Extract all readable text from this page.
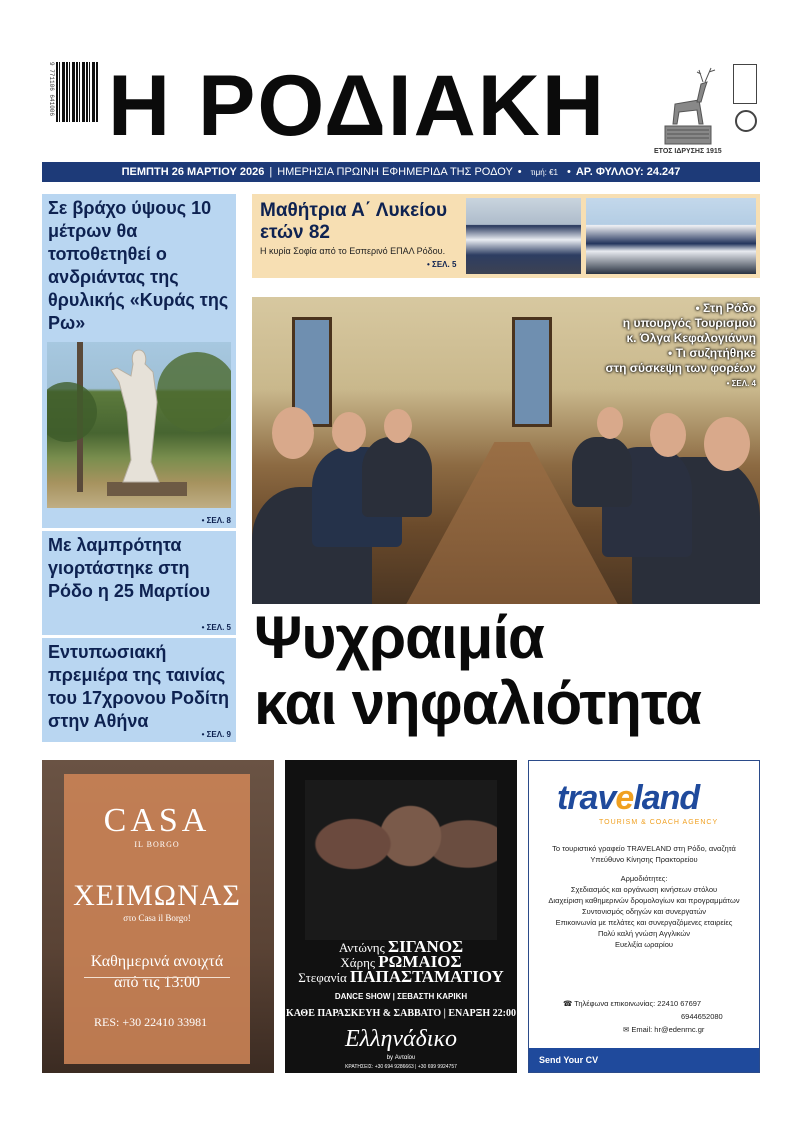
9 771106 641006 Η ΡΟΔΙΑΚΗ	ΕΤΟΣ ΙΔΡΥΣΗΣ 1915
ΠΕΜΠΤΗ 26 ΜΑΡΤΙΟΥ 2026 | ΗΜΕΡΗΣΙΑ ΠΡΩΙΝΗ ΕΦΗΜΕΡΙΔΑ ΤΗΣ ΡΟΔΟΥ • τιμή: €1 • ΑΡ. ΦΥΛΛΟΥ: 24.247
Σε βράχο ύψους 10 μέτρων θα τοποθετηθεί ο ανδριάντας της θρυλικής «Κυράς της Ρω»
• ΣΕΛ. 8
Με λαμπρότητα γιορτάστηκε στη Ρόδο η 25 Μαρτίου
• ΣΕΛ. 5
Εντυπωσιακή πρεμιέρα της ταινίας του 17χρονου Ροδίτη στην Αθήνα
• ΣΕΛ. 9
Μαθήτρια Α΄ Λυκείου
ετών 82
Η κυρία Σοφία από το Εσπερινό ΕΠΑΛ Ρόδου.
• ΣΕΛ. 5
• Στη Ρόδο
η υπουργός Τουρισμού
κ. Όλγα Κεφαλογιάννη
• Τι συζητήθηκε
στη σύσκεψη των φορέων
• ΣΕΛ. 4
Ψυχραιμία
και νηφαλιότητα
CASA
IL BORGO
ΧΕΙΜΩΝΑΣ
στο Casa il Borgo!
Καθημερινά ανοιχτά
από τις 13:00
RES: +30 22410 33981
Αντώνης ΣΙΓΑΝΟΣ
Χάρης ΡΩΜΑΙΟΣ
Στεφανία ΠΑΠΑΣΤΑΜΑΤΙΟΥ
DANCE SHOW | ΣΕΒΑΣΤΗ ΚΑΡΙΚΗ
ΚΑΘΕ ΠΑΡΑΣΚΕΥΗ & ΣΑΒΒΑΤΟ | ΕΝΑΡΞΗ 22:00
Ελληνάδικο
by Ανταίου
ΚΡΑΤΗΣΕΙΣ: +30 694 9286663 | +30 699 9924757
traveland
TOURISM & COACH AGENCY

Το τουριστικό γραφείο TRAVELAND στη Ρόδο, αναζητά Υπεύθυνο Κίνησης Πρακτορείου

Αρμοδιότητες:
Σχεδιασμός και οργάνωση κινήσεων στόλου
Διαχείριση καθημερινών δρομολογίων και προγραμμάτων
Συντονισμός οδηγών και συνεργατών
Επικοινωνία με πελάτες και συνεργαζόμενες εταιρείες
Πολύ καλή γνώση Αγγλικών
Ευελιξία ωραρίου
☎ Τηλέφωνα επικοινωνίας: 22410 67697
6944652080
✉ Email: hr@edenrnc.gr
Send Your CV
